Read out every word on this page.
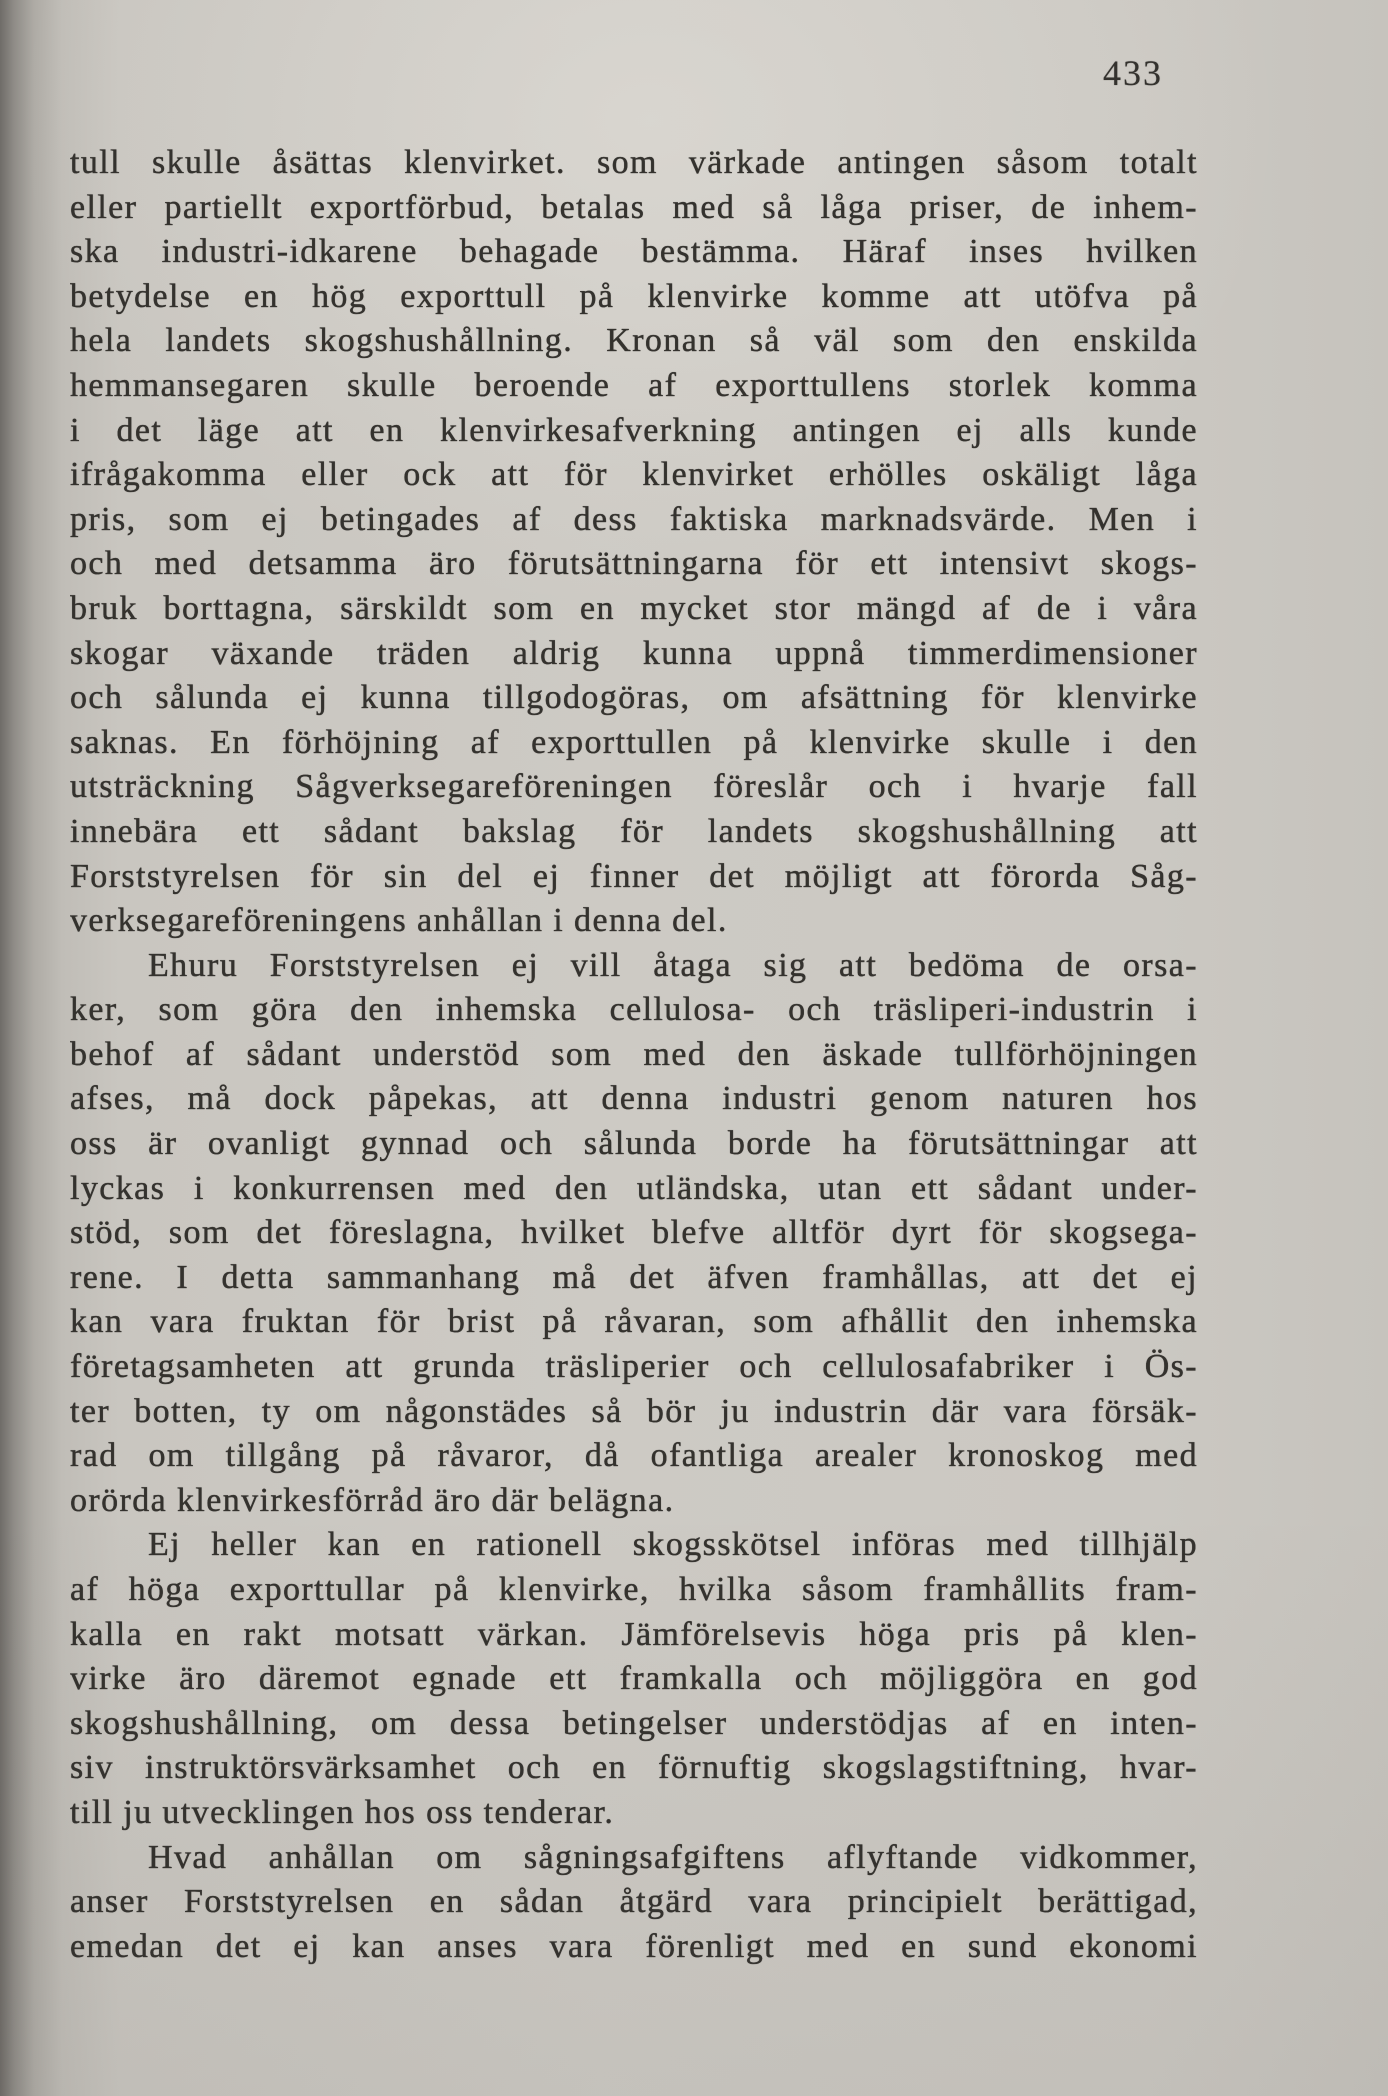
433
tull skulle åsättas klenvirket. som värkade antingen såsom totalt
eller partiellt exportförbud, betalas med så låga priser, de inhem-
ska industri-idkarene behagade bestämma. Häraf inses hvilken
betydelse en hög exporttull på klenvirke komme att utöfva på
hela landets skogshushållning. Kronan så väl som den enskilda
hemmansegaren skulle beroende af exporttullens storlek komma
i det läge att en klenvirkesafverkning antingen ej alls kunde
ifrågakomma eller ock att för klenvirket erhölles oskäligt låga
pris, som ej betingades af dess faktiska marknadsvärde. Men i
och med detsamma äro förutsättningarna för ett intensivt skogs-
bruk borttagna, särskildt som en mycket stor mängd af de i våra
skogar växande träden aldrig kunna uppnå timmerdimensioner
och sålunda ej kunna tillgodogöras, om afsättning för klenvirke
saknas. En förhöjning af exporttullen på klenvirke skulle i den
utsträckning Sågverksegareföreningen föreslår och i hvarje fall
innebära ett sådant bakslag för landets skogshushållning att
Forststyrelsen för sin del ej finner det möjligt att förorda Såg-
verksegareföreningens anhållan i denna del.
Ehuru Forststyrelsen ej vill åtaga sig att bedöma de orsa-
ker, som göra den inhemska cellulosa- och träsliperi-industrin i
behof af sådant understöd som med den äskade tullförhöjningen
afses, må dock påpekas, att denna industri genom naturen hos
oss är ovanligt gynnad och sålunda borde ha förutsättningar att
lyckas i konkurrensen med den utländska, utan ett sådant under-
stöd, som det föreslagna, hvilket blefve alltför dyrt för skogsega-
rene. I detta sammanhang må det äfven framhållas, att det ej
kan vara fruktan för brist på råvaran, som afhållit den inhemska
företagsamheten att grunda träsliperier och cellulosafabriker i Ös-
ter botten, ty om någonstädes så bör ju industrin där vara försäk-
rad om tillgång på råvaror, då ofantliga arealer kronoskog med
orörda klenvirkesförråd äro där belägna.
Ej heller kan en rationell skogsskötsel införas med tillhjälp
af höga exporttullar på klenvirke, hvilka såsom framhållits fram-
kalla en rakt motsatt värkan. Jämförelsevis höga pris på klen-
virke äro däremot egnade ett framkalla och möjliggöra en god
skogshushållning, om dessa betingelser understödjas af en inten-
siv instruktörsvärksamhet och en förnuftig skogslagstiftning, hvar-
till ju utvecklingen hos oss tenderar.
Hvad anhållan om sågningsafgiftens aflyftande vidkommer,
anser Forststyrelsen en sådan åtgärd vara principielt berättigad,
emedan det ej kan anses vara förenligt med en sund ekonomi
